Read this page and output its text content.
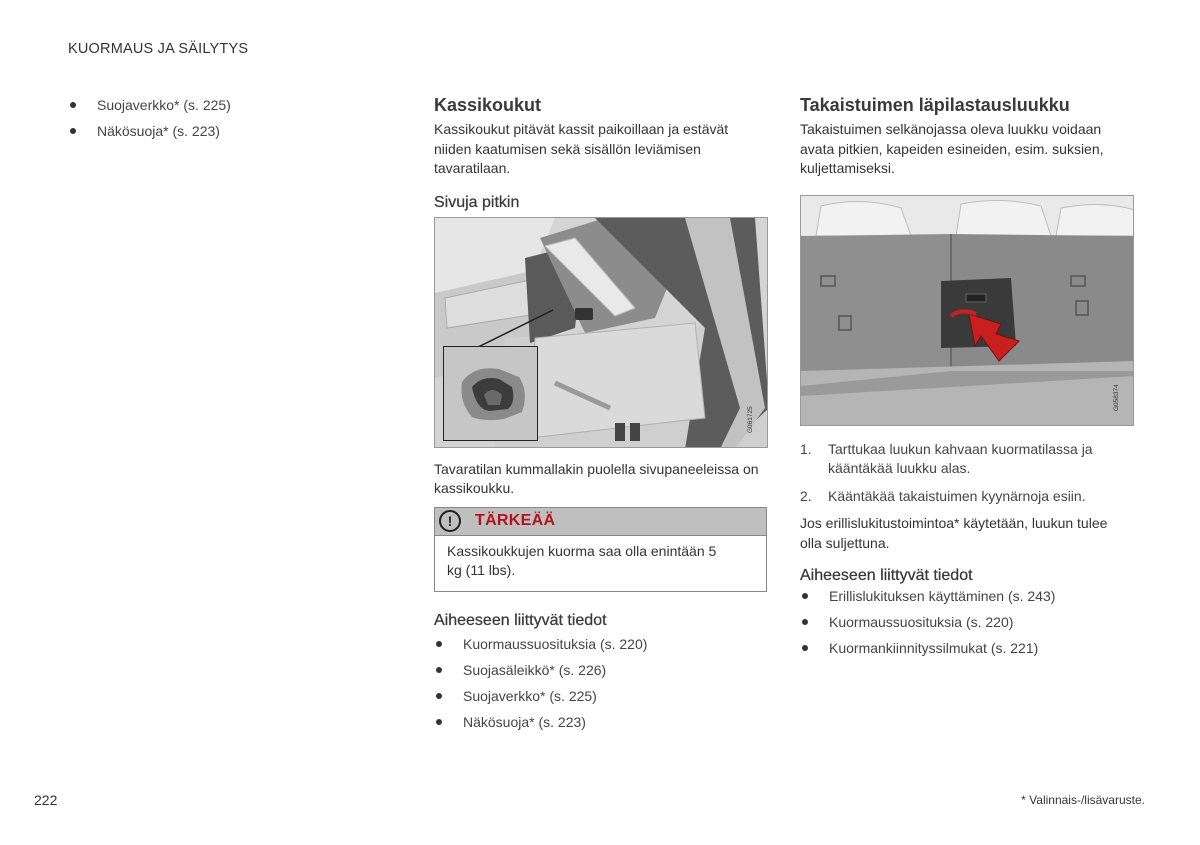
KUORMAUS JA SÄILYTYS
Suojaverkko* (s. 225)
Näkösuoja* (s. 223)
Kassikoukut

Kassikoukut pitävät kassit paikoillaan ja estävät niiden kaatumisen sekä sisällön leviämisen tavaratilaan.

Sivuja pitkin
G061725

Tavaratilan kummallakin puolella sivupaneeleissa on kassikoukku.

!	TÄRKEÄÄ
Kassikoukkujen kuorma saa olla enintään 5 kg (11 lbs).
Aiheeseen liittyvät tiedot
Kuormaussuosituksia (s. 220)
Suojasäleikkö* (s. 226)
Suojaverkko* (s. 225)
Näkösuoja* (s. 223)
Takaistuimen läpilastausluukku

Takaistuimen selkänojassa oleva luukku voidaan avata pitkien, kapeiden esineiden, esim. suksien, kuljettamiseksi.

G058374
1. Tarttukaa luukun kahvaan kuormatilassa ja kääntäkää luukku alas.
2. Kääntäkää takaistuimen kyynärnoja esiin.

Jos erillislukitustoimintoa* käytetään, luukun tulee olla suljettuna.

Aiheeseen liittyvät tiedot
Erillislukituksen käyttäminen (s. 243)
Kuormaussuosituksia (s. 220)
Kuormankiinnityssilmukat (s. 221)
222	* Valinnais-/lisävaruste.
